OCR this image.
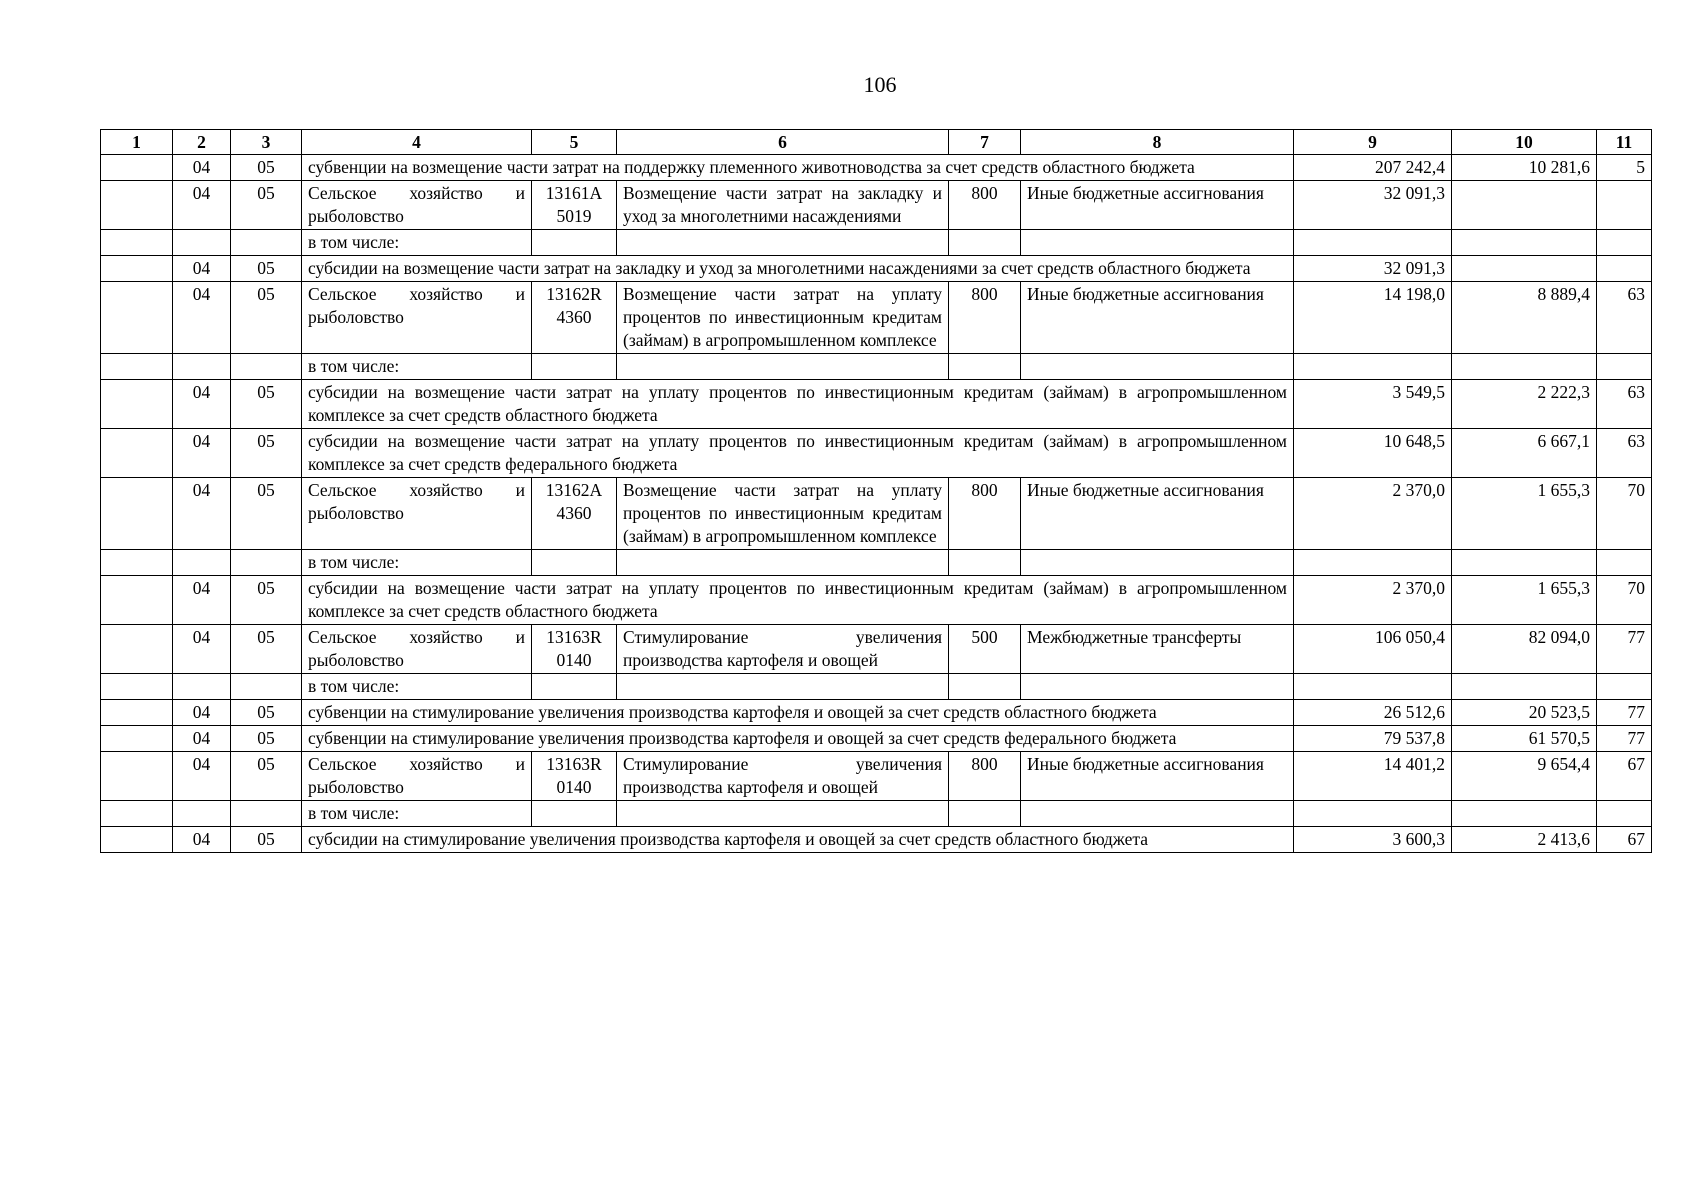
106
1	2	3	4	5	6	7	8	9	10	11
	04	05	субвенции на возмещение части затрат на поддержку племенного животноводства за счет средств областного бюджета					207 242,4	10 281,6	5
	04	05	Сельское хозяйство и рыболовство	13161А 5019	Возмещение части затрат на закладку и уход за многолетними насаждениями	800	Иные бюджетные ассигнования	32 091,3		
			в том числе:							
	04	05	субсидии на возмещение части затрат на закладку и уход за многолетними насаждениями за счет средств областного бюджета					32 091,3		
	04	05	Сельское хозяйство и рыболовство	13162R 4360	Возмещение части затрат на уплату процентов по инвестиционным кредитам (займам) в агропромышленном комплексе	800	Иные бюджетные ассигнования	14 198,0	8 889,4	63
			в том числе:							
	04	05	субсидии на возмещение части затрат на уплату процентов по инвестиционным кредитам (займам) в агропромышленном комплексе за счет средств областного бюджета					3 549,5	2 222,3	63
	04	05	субсидии на возмещение части затрат на уплату процентов по инвестиционным кредитам (займам) в агропромышленном комплексе за счет средств федерального бюджета					10 648,5	6 667,1	63
	04	05	Сельское хозяйство и рыболовство	13162А 4360	Возмещение части затрат на уплату процентов по инвестиционным кредитам (займам) в агропромышленном комплексе	800	Иные бюджетные ассигнования	2 370,0	1 655,3	70
			в том числе:							
	04	05	субсидии на возмещение части затрат на уплату процентов по инвестиционным кредитам (займам) в агропромышленном комплексе за счет средств областного бюджета					2 370,0	1 655,3	70
	04	05	Сельское хозяйство и рыболовство	13163R 0140	Стимулирование увеличения производства картофеля и овощей	500	Межбюджетные трансферты	106 050,4	82 094,0	77
			в том числе:							
	04	05	субвенции на стимулирование увеличения производства картофеля и овощей за счет средств областного бюджета					26 512,6	20 523,5	77
	04	05	субвенции на стимулирование увеличения производства картофеля и овощей за счет средств федерального бюджета					79 537,8	61 570,5	77
	04	05	Сельское хозяйство и рыболовство	13163R 0140	Стимулирование увеличения производства картофеля и овощей	800	Иные бюджетные ассигнования	14 401,2	9 654,4	67
			в том числе:							
	04	05	субсидии на стимулирование увеличения производства картофеля и овощей за счет средств областного бюджета					3 600,3	2 413,6	67
